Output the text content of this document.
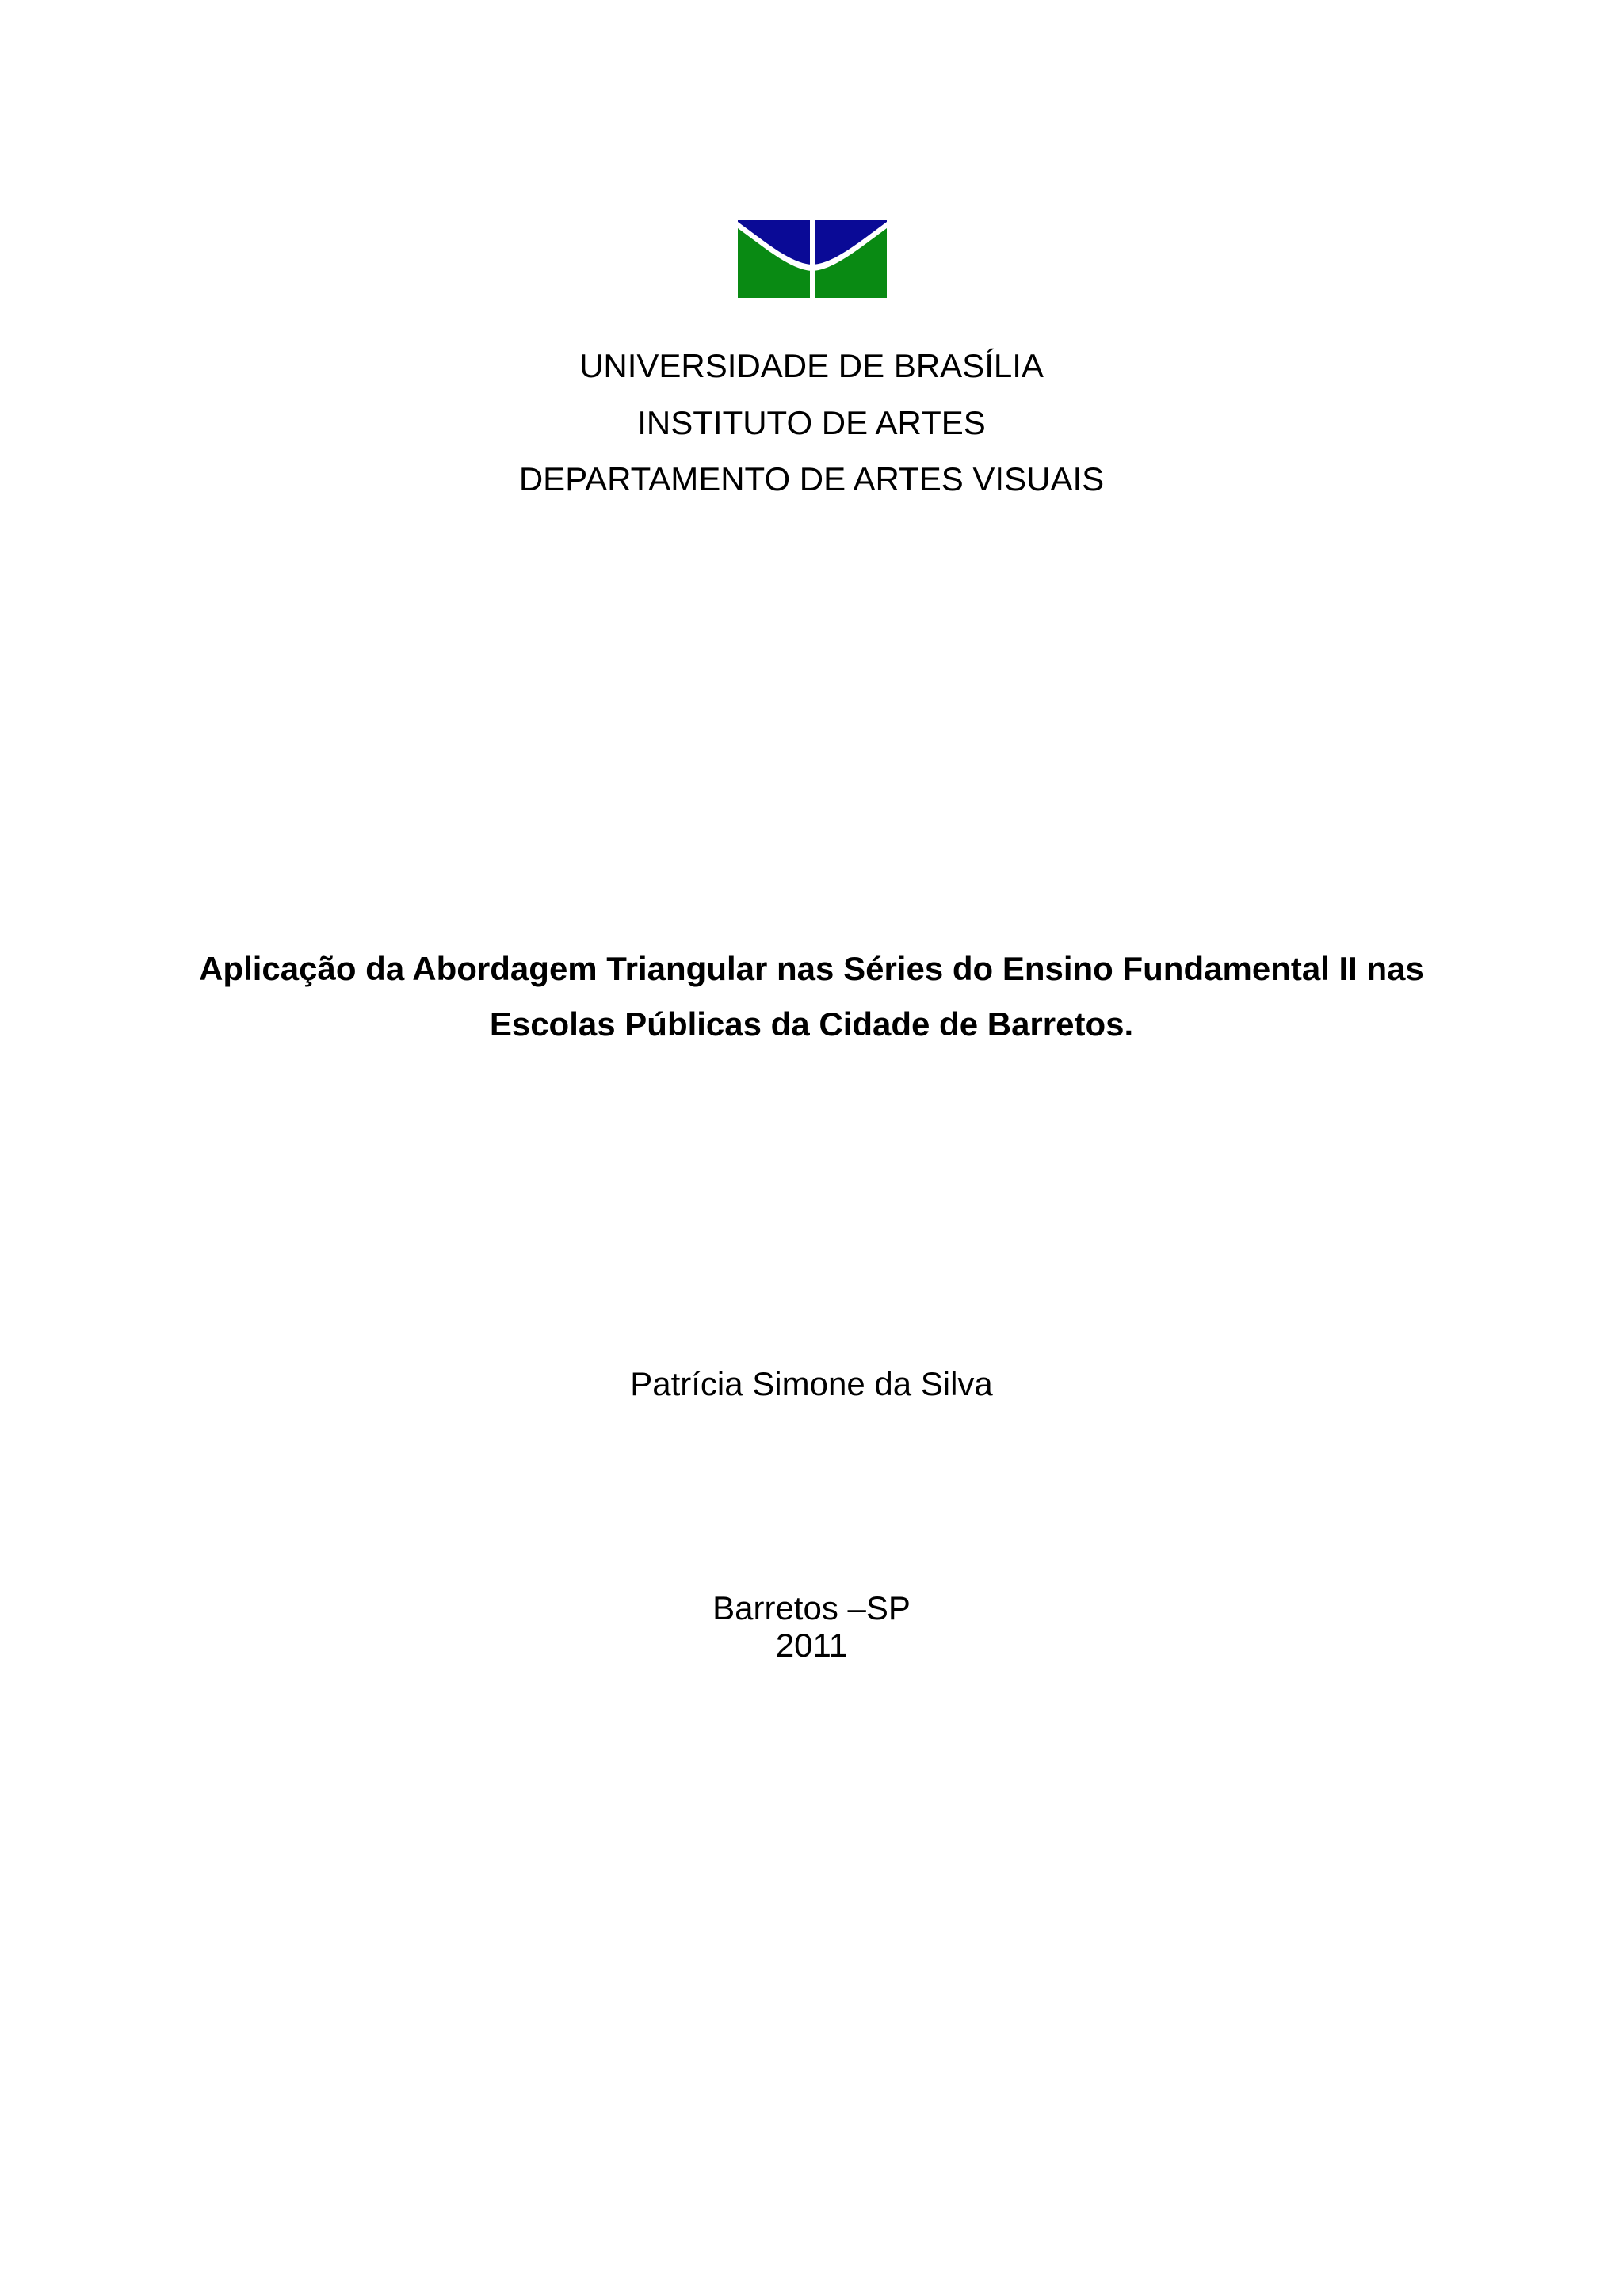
UNIVERSIDADE DE BRASÍLIA
INSTITUTO DE ARTES
DEPARTAMENTO DE ARTES VISUAIS
Aplicação da Abordagem Triangular nas Séries do Ensino Fundamental II nas
Escolas Públicas da Cidade de Barretos.
Patrícia Simone da Silva
Barretos –SP
2011
